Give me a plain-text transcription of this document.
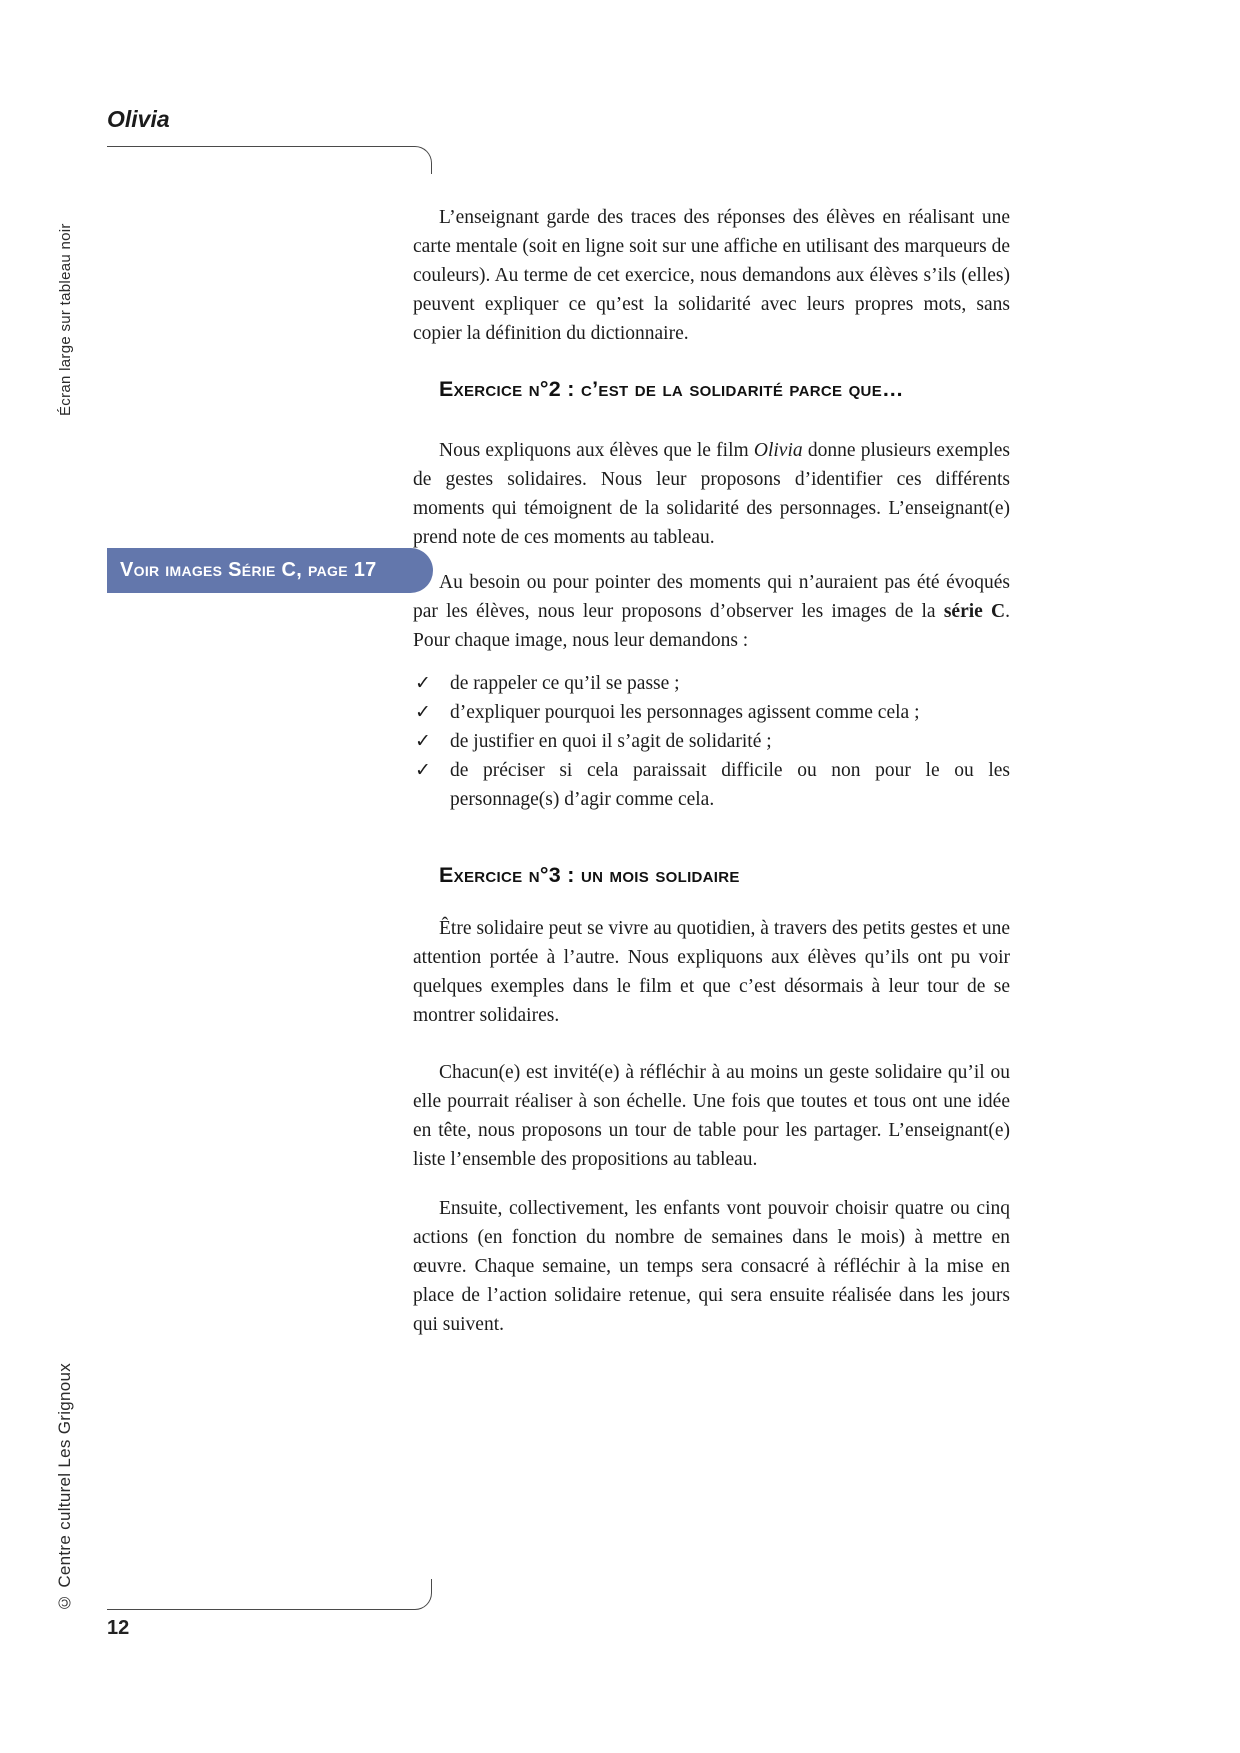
Olivia
Écran large sur tableau noir
Voir images Série C, page 17

L’enseignant garde des traces des réponses des élèves en réalisant une carte mentale (soit en ligne soit sur une affiche en utilisant des marqueurs de couleurs). Au terme de cet exercice, nous demandons aux élèves s’ils (elles) peuvent expliquer ce qu’est la solidarité avec leurs propres mots, sans copier la définition du dictionnaire.

Exercice n°2 : c’est de la solidarité parce que…

Nous expliquons aux élèves que le film Olivia donne plusieurs exemples de gestes solidaires. Nous leur proposons d’identifier ces différents moments qui témoignent de la solidarité des personnages. L’enseignant(e) prend note de ces moments au tableau.

Au besoin ou pour pointer des moments qui n’auraient pas été évoqués par les élèves, nous leur proposons d’observer les images de la série C. Pour chaque image, nous leur demandons :

✓ de rappeler ce qu’il se passe ;
✓ d’expliquer pourquoi les personnages agissent comme cela ;
✓ de justifier en quoi il s’agit de solidarité ;
✓ de préciser si cela paraissait difficile ou non pour le ou les personnage(s) d’agir comme cela.
Exercice n°3 : un mois solidaire

Être solidaire peut se vivre au quotidien, à travers des petits gestes et une attention portée à l’autre. Nous expliquons aux élèves qu’ils ont pu voir quelques exemples dans le film et que c’est désormais à leur tour de se montrer solidaires.

Chacun(e) est invité(e) à réfléchir à au moins un geste solidaire qu’il ou elle pourrait réaliser à son échelle. Une fois que toutes et tous ont une idée en tête, nous proposons un tour de table pour les partager. L’enseignant(e) liste l’ensemble des propositions au tableau.

Ensuite, collectivement, les enfants vont pouvoir choisir quatre ou cinq actions (en fonction du nombre de semaines dans le mois) à mettre en œuvre. Chaque semaine, un temps sera consacré à réfléchir à la mise en place de l’action solidaire retenue, qui sera ensuite réalisée dans les jours qui suivent.

12
© Centre culturel Les Grignoux
